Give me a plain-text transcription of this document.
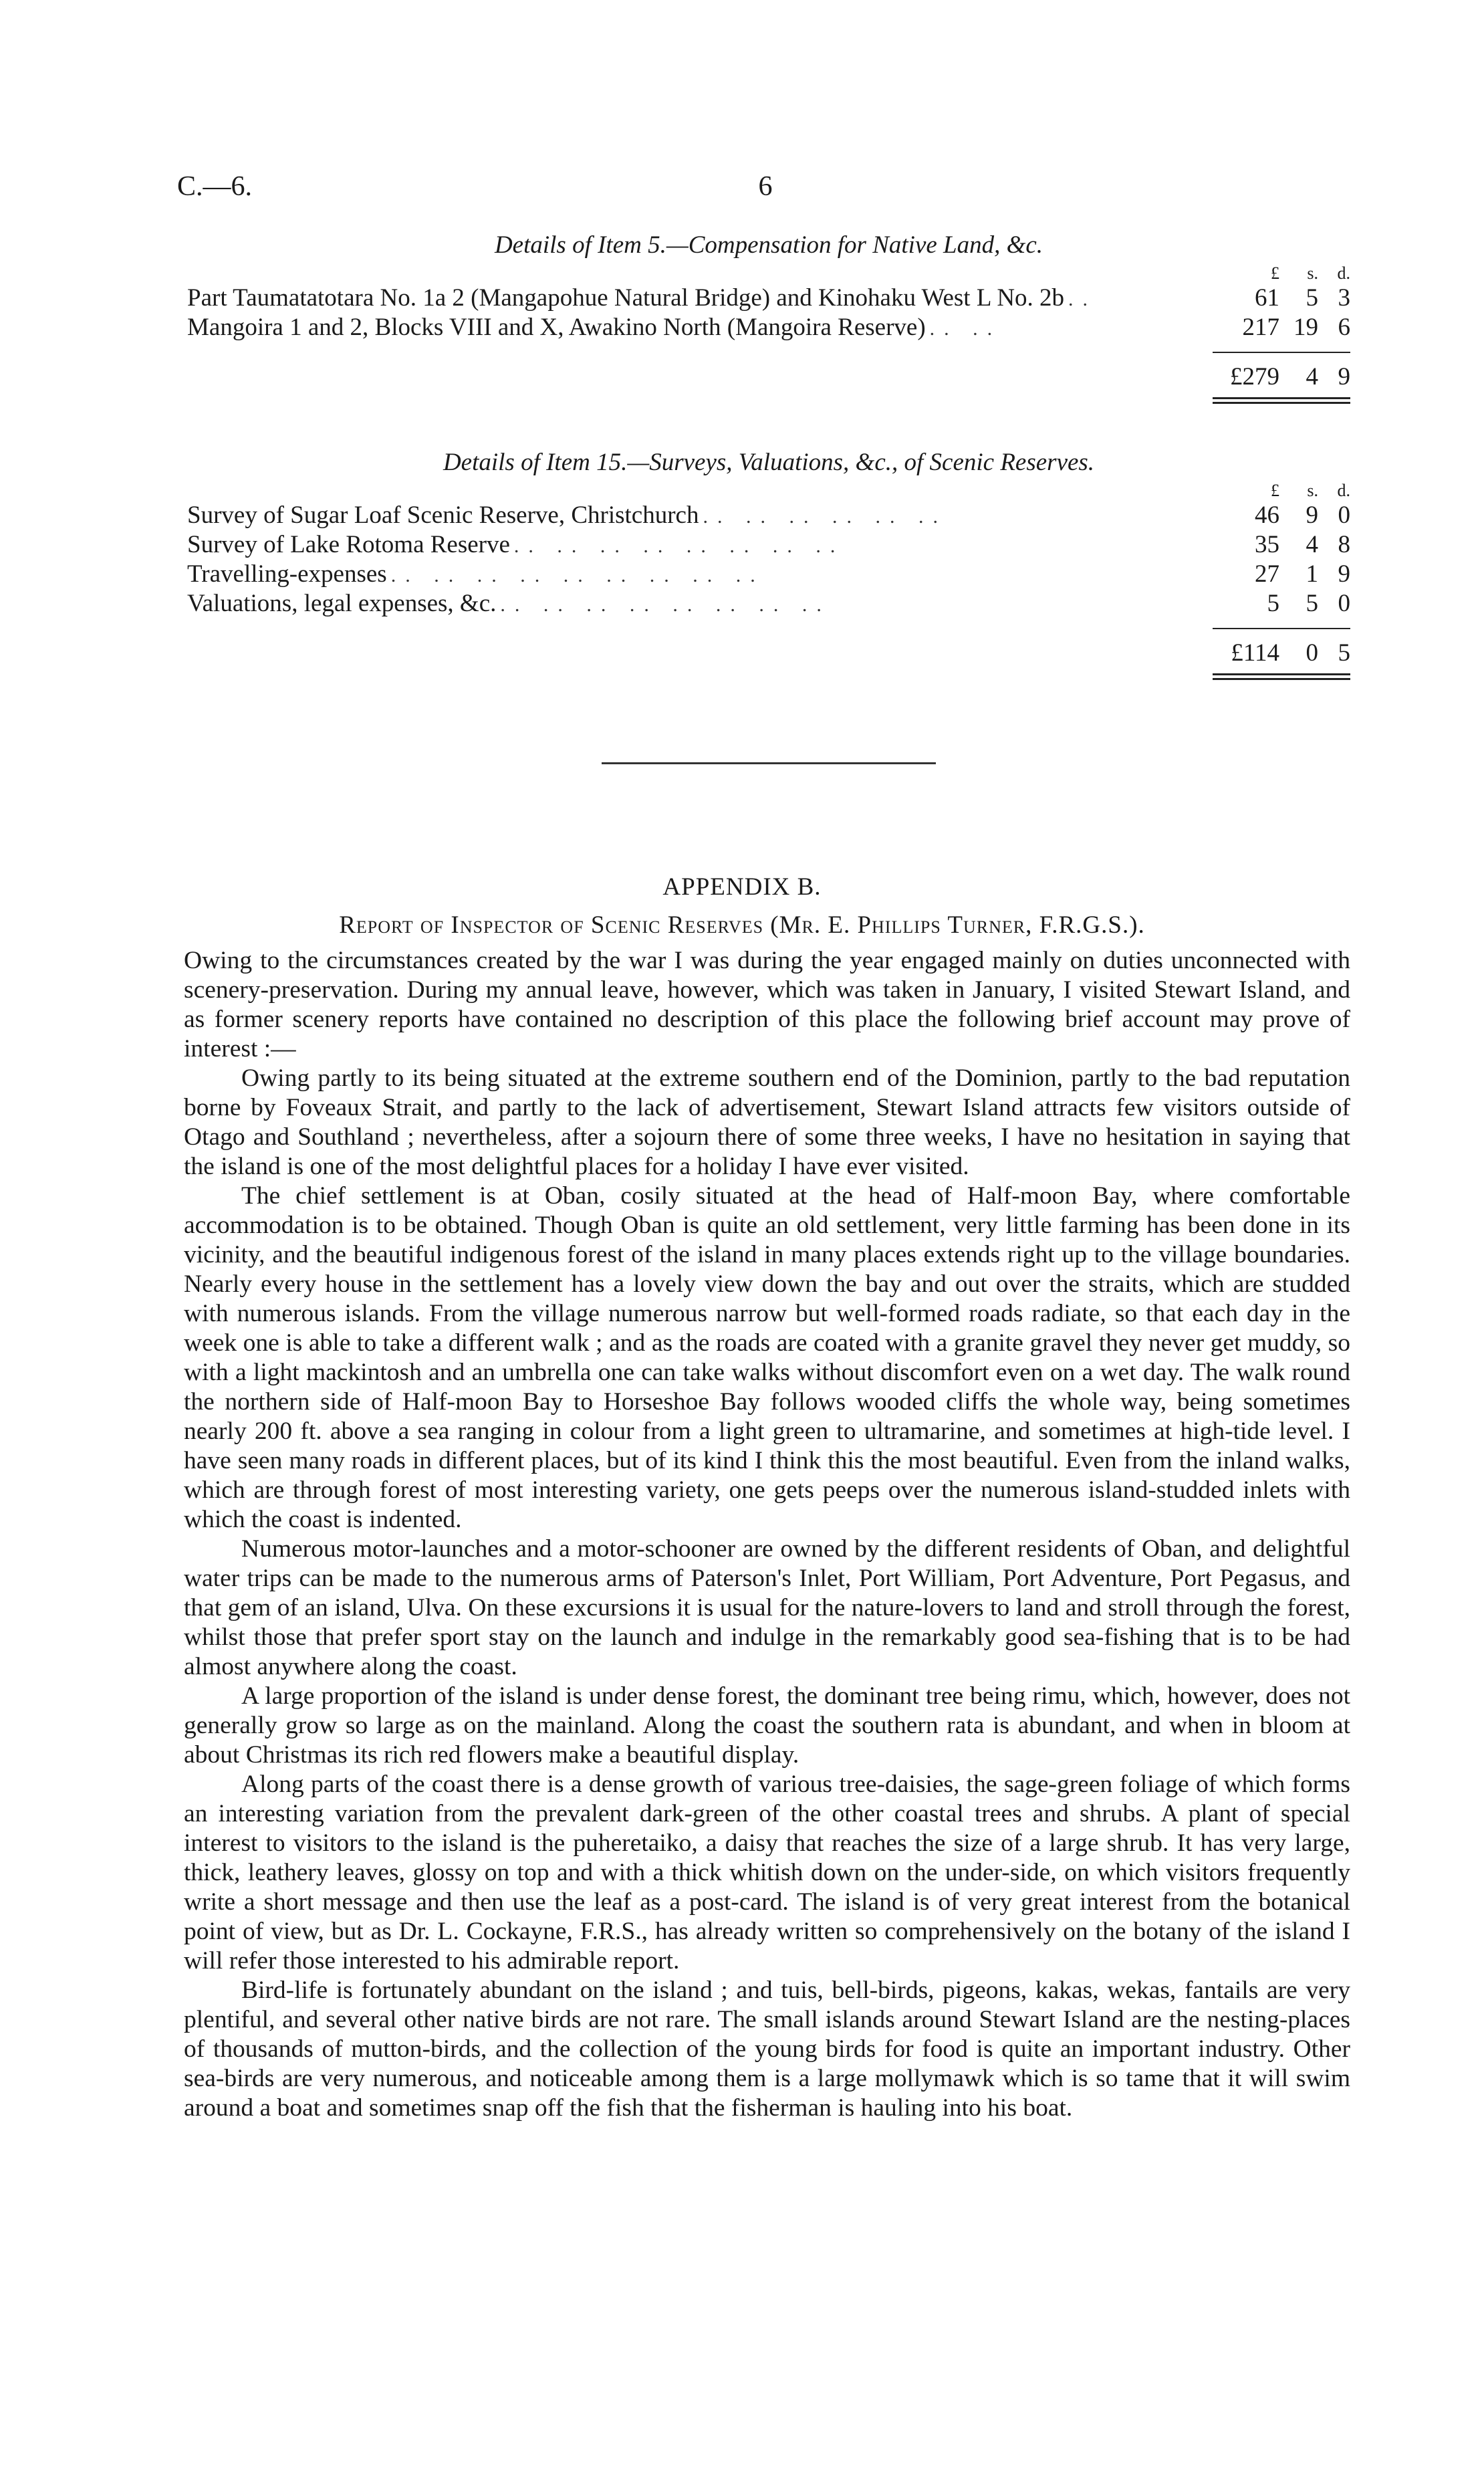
C.—6.	6
Details of Item 5.—Compensation for Native Land, &c.
£	s.	d.
Part Taumatatotara No. 1a 2 (Mangapohue Natural Bridge) and Kinohaku West L No. 2b ..	61	5 3
Mangoira 1 and 2, Blocks VIII and X, Awakino North (Mangoira Reserve) .. ..	217 19 6
£279	4 9
Details of Item 15.—Surveys, Valuations, &c., of Scenic Reserves.
£	s.	d.
Survey of Sugar Loaf Scenic Reserve, Christchurch .. .. .. .. .. ..	46	9 0
Survey of Lake Rotoma Reserve .. .. .. .. .. .. .. ..	35	4 8
Travelling-expenses .. .. .. .. .. .. .. .. ..	27	1 9
Valuations, legal expenses, &c. .. .. .. .. .. .. .. ..	5	5 0
£114	0 5
APPENDIX B.
Report of Inspector of Scenic Reserves (Mr. E. Phillips Turner, F.R.G.S.).

Owing to the circumstances created by the war I was during the year engaged mainly on duties unconnected with scenery-preservation. During my annual leave, however, which was taken in January, I visited Stewart Island, and as former scenery reports have contained no description of this place the following brief account may prove of interest :—

Owing partly to its being situated at the extreme southern end of the Dominion, partly to the bad reputation borne by Foveaux Strait, and partly to the lack of advertisement, Stewart Island attracts few visitors outside of Otago and Southland ; nevertheless, after a sojourn there of some three weeks, I have no hesitation in saying that the island is one of the most delightful places for a holiday I have ever visited.

The chief settlement is at Oban, cosily situated at the head of Half-moon Bay, where comfortable accommodation is to be obtained. Though Oban is quite an old settlement, very little farming has been done in its vicinity, and the beautiful indigenous forest of the island in many places extends right up to the village boundaries. Nearly every house in the settlement has a lovely view down the bay and out over the straits, which are studded with numerous islands. From the village numerous narrow but well-formed roads radiate, so that each day in the week one is able to take a different walk ; and as the roads are coated with a granite gravel they never get muddy, so with a light mackintosh and an umbrella one can take walks without discomfort even on a wet day. The walk round the northern side of Half-moon Bay to Horseshoe Bay follows wooded cliffs the whole way, being sometimes nearly 200 ft. above a sea ranging in colour from a light green to ultramarine, and sometimes at high-tide level. I have seen many roads in different places, but of its kind I think this the most beautiful. Even from the inland walks, which are through forest of most interesting variety, one gets peeps over the numerous island-studded inlets with which the coast is indented.

Numerous motor-launches and a motor-schooner are owned by the different residents of Oban, and delightful water trips can be made to the numerous arms of Paterson's Inlet, Port William, Port Adventure, Port Pegasus, and that gem of an island, Ulva. On these excursions it is usual for the nature-lovers to land and stroll through the forest, whilst those that prefer sport stay on the launch and indulge in the remarkably good sea-fishing that is to be had almost anywhere along the coast.

A large proportion of the island is under dense forest, the dominant tree being rimu, which, however, does not generally grow so large as on the mainland. Along the coast the southern rata is abundant, and when in bloom at about Christmas its rich red flowers make a beautiful display.

Along parts of the coast there is a dense growth of various tree-daisies, the sage-green foliage of which forms an interesting variation from the prevalent dark-green of the other coastal trees and shrubs. A plant of special interest to visitors to the island is the puheretaiko, a daisy that reaches the size of a large shrub. It has very large, thick, leathery leaves, glossy on top and with a thick whitish down on the under-side, on which visitors frequently write a short message and then use the leaf as a post-card. The island is of very great interest from the botanical point of view, but as Dr. L. Cockayne, F.R.S., has already written so comprehensively on the botany of the island I will refer those interested to his admirable report.

Bird-life is fortunately abundant on the island ; and tuis, bell-birds, pigeons, kakas, wekas, fantails are very plentiful, and several other native birds are not rare. The small islands around Stewart Island are the nesting-places of thousands of mutton-birds, and the collection of the young birds for food is quite an important industry. Other sea-birds are very numerous, and noticeable among them is a large mollymawk which is so tame that it will swim around a boat and sometimes snap off the fish that the fisherman is hauling into his boat.
